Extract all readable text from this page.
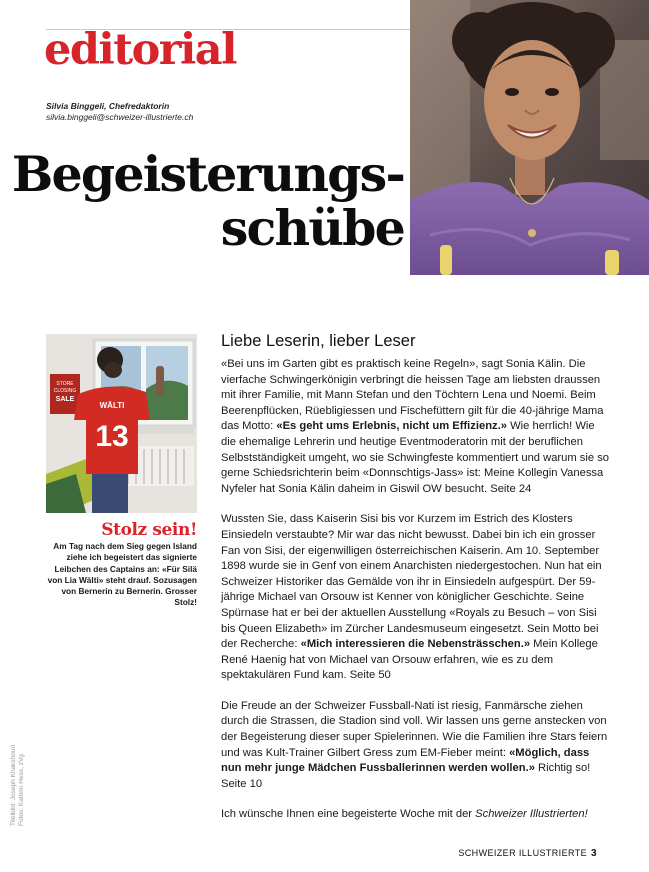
editorial
Silvia Binggeli, Chefredaktorin
silvia.binggeli@schweizer-illustrierte.ch
Begeisterungs-
schübe
STORE
CLOSING
SALE
WÄLTI
13
Stolz sein!
Am Tag nach dem Sieg gegen Island ziehe ich begeistert das signierte Leibchen des Captains an: «Für Silä von Lia Wälti» steht drauf. Sozusagen von Bernerin zu Bernerin. Grosser Stolz!
Titelbild: Joseph Khakshouri Fotos: Kathrin Hess, zVg
Liebe Leserin, lieber Leser

«Bei uns im Garten gibt es praktisch keine Regeln», sagt Sonia Kälin. Die vierfache Schwingerkönigin verbringt die heissen Tage am liebsten draussen mit ihrer Familie, mit Mann Stefan und den Töchtern Lena und Noemi. Beim Beerenpflücken, Rüebligiessen und Fischefüttern gilt für die 40-jährige Mama das Motto: «Es geht ums Erlebnis, nicht um Effizienz.» Wie herrlich! Wie die ehemalige Lehrerin und heutige Eventmoderatorin mit der beruflichen Selbstständigkeit umgeht, wo sie Schwingfeste kommentiert und warum sie so gerne Schiedsrichterin beim «Donnschtigs-Jass» ist: Meine Kollegin Vanessa Nyfeler hat Sonia Kälin daheim in Giswil OW besucht. Seite 24

Wussten Sie, dass Kaiserin Sisi bis vor Kurzem im Estrich des Klosters Einsiedeln verstaubte? Mir war das nicht bewusst. Dabei bin ich ein grosser Fan von Sisi, der eigenwilligen österreichischen Kaiserin. Am 10. September 1898 wurde sie in Genf von einem Anarchisten niedergestochen. Nun hat ein Schweizer Historiker das Gemälde von ihr in Einsiedeln aufgespürt. Der 59-jährige Michael van Orsouw ist Kenner von königlicher Geschichte. Seine Spürnase hat er bei der aktuellen Ausstellung «Royals zu Besuch – von Sisi bis Queen Elizabeth» im Zürcher Landesmuseum eingesetzt. Sein Motto bei der Recherche: «Mich interessieren die Nebensträsschen.» Mein Kollege René Haenig hat von Michael van Orsouw erfahren, wie es zu dem spektakulären Fund kam. Seite 50

Die Freude an der Schweizer Fussball-Nati ist riesig, Fanmärsche ziehen durch die Strassen, die Stadion sind voll. Wir lassen uns gerne anstecken von der Begeisterung dieser super Spielerinnen. Wie die Familien ihre Stars feiern und was Kult-Trainer Gilbert Gress zum EM-Fieber meint: «Möglich, dass nun mehr junge Mädchen Fussballerinnen werden wollen.» Richtig so! Seite 10

Ich wünsche Ihnen eine begeisterte Woche mit der Schweizer Illustrierten!

SCHWEIZER ILLUSTRIERTE 3
